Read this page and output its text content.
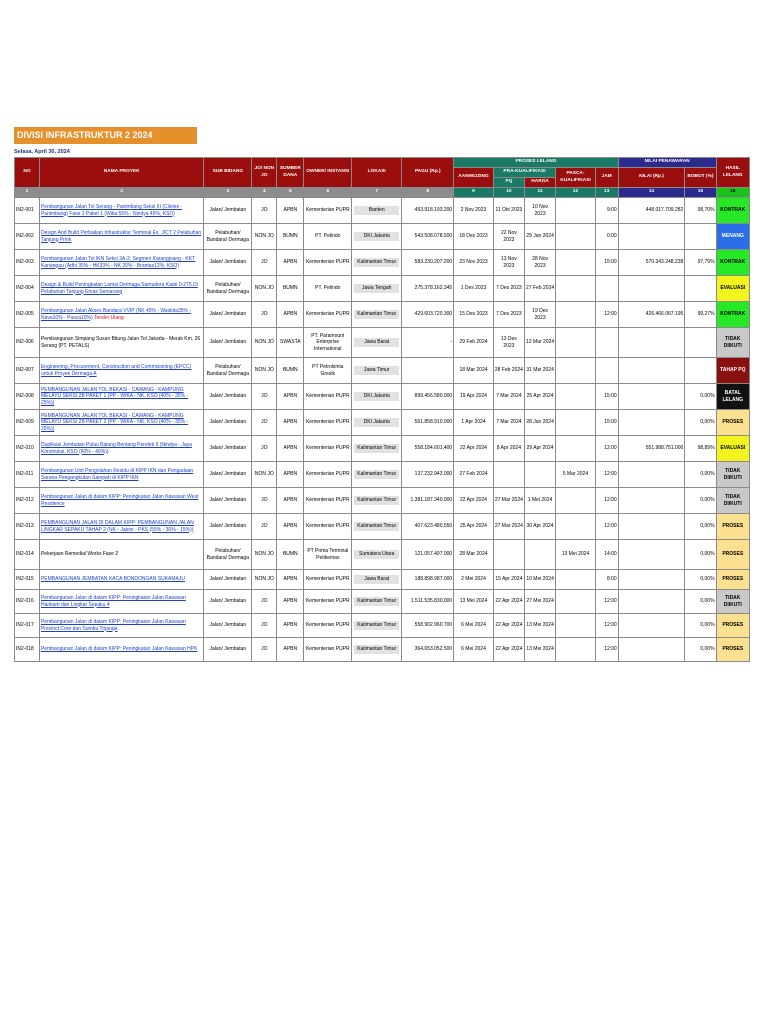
DIVISI INFRASTRUKTUR 2 2024
Selasa, April 30, 2024
NO	NAMA PROYEK	SUB BIDANG	JO/ NON JO	SUMBER DANA	OWNER/ INSTANSI	LOKASI	PAGU (Rp.)	PROSES LELANG					NILAI PENAWARAN		HASIL LELANG
								AANWIJZING	PRA-KUALIFIKASI		PASCA-KUALIFIKASI	JAM	NILAI (Rp.)	BOBOT (%)	
									PQ	HARGA					
1	2	3	4	5	6	7	8	9	10	11	12	13	14	15	16
IN2-001	Pembangunan Jalan Tol Serang - Panimbang Seksi III (Cileles - Panimbang) Fase 2 Paket 1 (Wika 55% - Nindya 45%, KSO)	Jalan/ Jembatan	JO	APBN	Kementerian PUPR	Banten	453.918.193.200	2 Nov 2023	11 Okt 2023	10 Nov 2023		9:00	448.017.709.282	98,70%	KONTRAK
IN2-002	Design And Build Perbaikan Infrastruktur Terminal Ex. JICT 2 Pelabuhan Tanjung Priok	Pelabuhan/ Bandara/ Dermaga	NON JO	BUMN	PT. Pelindo	DKI Jakarta	543.508.078.500	18 Des 2023	22 Nov 2023	29 Jan 2024		0:00			MENANG
IN2-003	Pembangunan Jalan Tol IKN Seksi 3A-2: Segmen Karangjoang - KKT Kariangau (Adhi 35% - HK33% - NK 20% - Brantas12%, KSO)	Jalan/ Jembatan	JO	APBN	Kementerian PUPR	Kalimantan Timur	583.230.207.200	23 Nov 2023	13 Nov 2023	28 Nov 2023		15:00	570.343.248.238	97,79%	KONTRAK
IN2-004	Design & Build Peningkatan Lantai Dermaga Samudera Kade 0-275 Di Pelabuhan Tanjung Emas Semarang	Pelabuhan/ Bandara/ Dermaga	NON JO	BUMN	PT. Pelindo	Jawa Tengah	275.378.162.345	1 Des 2023	7 Des 2023	27 Feb 2024					EVALUASI
IN2-005	Pembangunan Jalan Akses Bandara VVIP (NK 45% - Waskita35% - Nava10% - Pasca10%) Tender Ulang	Jalan/ Jembatan	JO	APBN	Kementerian PUPR	Kalimantan Timur	429.603.720.300	15 Des 2023	7 Des 2023	19 Des 2023		12:00	426.466.067.195	99,27%	KONTRAK
IN2-006	Pembangunan Simpang Susun Bitung Jalan Tol Jakarta - Merak Km. 26 Serang (PT. PETALS)	Jalan/ Jembatan	NON JO	SWASTA	PT. Paramount Enterprise International	Jawa Barat	-	29 Feb 2024	13 Des 2023	12 Mar 2024					TIDAK DIIKUTI
IN2-007	Engineering, Procurement, Construction and Commisioning (EPCC) untuk Proyek Dermaga A	Pelabuhan/ Bandara/ Dermaga	NON JO	BUMN	PT Petrokimia Gresik	Jawa Timur		18 Mar 2024	28 Feb 2024	31 Mei 2024					TAHAP PQ
IN2-008	PEMBANGUNAN JALAN TOL BEKASI - CAWANG - KAMPUNG MELAYU SEKSI 2B PAKET 1 (PP - WIKA - NK, KSO (40% - 35% - 25%))	Jalan/ Jembatan	JO	APBN	Kementerian PUPR	DKI Jakarta	899.456.580.000	19 Apr 2024	7 Mar 2024	25 Apr 2024		15:00		0,00%	BATAL LELANG
IN2-009	PEMBANGUNAN JALAN TOL BEKASI - CAWANG - KAMPUNG MELAYU SEKSI 2B PAKET 2 (PP - WIKA - NK, KSO (40% - 35% - 25%))	Jalan/ Jembatan	JO	APBN	Kementerian PUPR	DKI Jakarta	561.858.910.000	1 Apr 2024	7 Mar 2024	28 Jun 2024		15:00		0,00%	PROSES
IN2-010	Duplikasi Jembatan Pulau Balang Bentang Pendek II (Nindya - Jaya Konstruksi, KSO (60% - 40%))	Jalan/ Jembatan	JO	APBN	Kementerian PUPR	Kalimantan Timur	558.184.601.400	22 Apr 2024	8 Apr 2024	29 Apr 2024		12:00	551.988.751.000	98,89%	EVALUASI
IN2-011	Pembangunan Unit Pengolahan Residu di KIPP IKN dan Pengadaan Sarana Pengangkutan Sampah di KIPP IKN	Jalan/ Jembatan	NON JO	APBN	Kementerian PUPR	Kalimantan Timur	137.232.943.000	27 Feb 2024			5 Mar 2024	12:00		0,00%	TIDAK DIIKUTI
IN2-012	Pembangunan Jalan di dalam KIPP: Peningkatan Jalan Kawasan West Residence	Jalan/ Jembatan	JO	APBN	Kementerian PUPR	Kalimantan Timur	1.381.187.340.000	22 Apr 2024	27 Mar 2024	1 Mei 2024		12:00		0,00%	TIDAK DIIKUTI
IN2-013	PEMBANGUNAN JALAN DI DALAM KIPP: PEMBANGUNAN JALAN LINGKAR SEPAKU TAHAP 2 (NK - Jakon - PKS (55% - 30% - 15%))	Jalan/ Jembatan	JO	APBN	Kementerian PUPR	Kalimantan Timur	407.623.480.550	25 Apr 2024	27 Mar 2024	30 Apr 2024		12:00		0,00%	PROSES
IN2-014	Pekerjaan Remedial Works Fase 2	Pelabuhan/ Bandara/ Dermaga	NON JO	BUMN	PT Prima Terminal Petikemas	Sumatera Utara	121.057.497.000	28 Mar 2024			13 Mei 2024	14:00		0,00%	PROSES
IN2-015	PEMBANGUNAN JEMBATAN KACA BONDONGAN SUKAMAJU	Jalan/ Jembatan	NON JO	APBN	Kementerian PUPR	Jawa Barat	188.898.987.000	2 Mei 2024	15 Apr 2024	10 Mei 2024		8:00		0,00%	PROSES
IN2-016	Pembangunan Jalan di dalam KIPP: Peningkatan Jalan Kawasan Hankam dan Lingkar Sepaku 4	Jalan/ Jembatan	JO	APBN	Kementerian PUPR	Kalimantan Timur	1.511.535.830.000	13 Mei 2024	22 Apr 2024	27 Mei 2024		12:00		0,00%	TIDAK DIIKUTI
IN2-017	Pembangunan Jalan di dalam KIPP: Peningkatan Jalan Kawasan Precinct Core dan Sumbu Trijaraja	Jalan/ Jembatan	JO	APBN	Kementerian PUPR	Kalimantan Timur	558.902.960.700	6 Mei 2024	22 Apr 2024	13 Mei 2024		12:00		0,00%	PROSES
IN2-018	Pembangunan Jalan di dalam KIPP: Peningkatan Jalan Kawasan HPK	Jalan/ Jembatan	JO	APBN	Kementerian PUPR	Kalimantan Timur	364.653.052.500	6 Mei 2024	22 Apr 2024	13 Mei 2024		12:00		0,00%	PROSES
